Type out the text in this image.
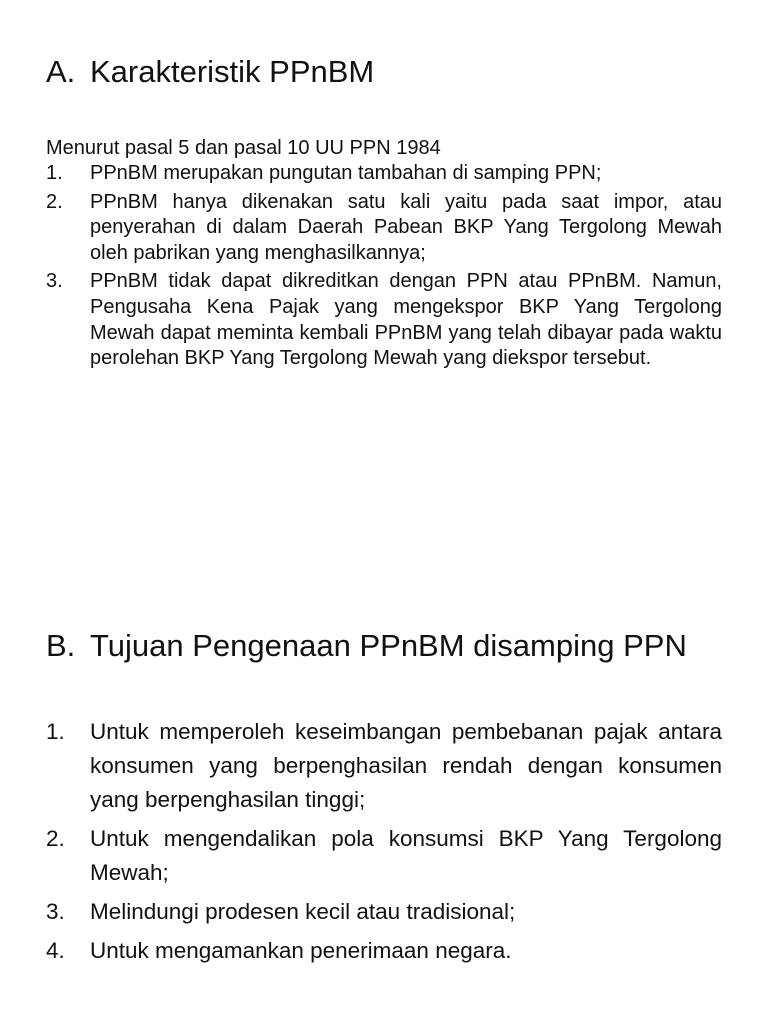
A. Karakteristik PPnBM

Menurut pasal 5 dan pasal 10 UU PPN 1984

1.	PPnBM merupakan pungutan tambahan di samping PPN;
2.	PPnBM hanya dikenakan satu kali yaitu pada saat impor, atau penyerahan di dalam Daerah Pabean BKP Yang Tergolong Mewah oleh pabrikan yang menghasilkannya;
3.	PPnBM tidak dapat dikreditkan dengan PPN atau PPnBM. Namun, Pengusaha Kena Pajak yang mengekspor BKP Yang Tergolong Mewah dapat meminta kembali PPnBM yang telah dibayar pada waktu perolehan BKP Yang Tergolong Mewah yang diekspor tersebut.
B. Tujuan Pengenaan PPnBM disamping PPN
1.	Untuk memperoleh keseimbangan pembebanan pajak antara konsumen yang berpenghasilan rendah dengan konsumen yang berpenghasilan tinggi;
2.	Untuk mengendalikan pola konsumsi BKP Yang Tergolong Mewah;
3.	Melindungi prodesen kecil atau tradisional;
4.	Untuk mengamankan penerimaan negara.
